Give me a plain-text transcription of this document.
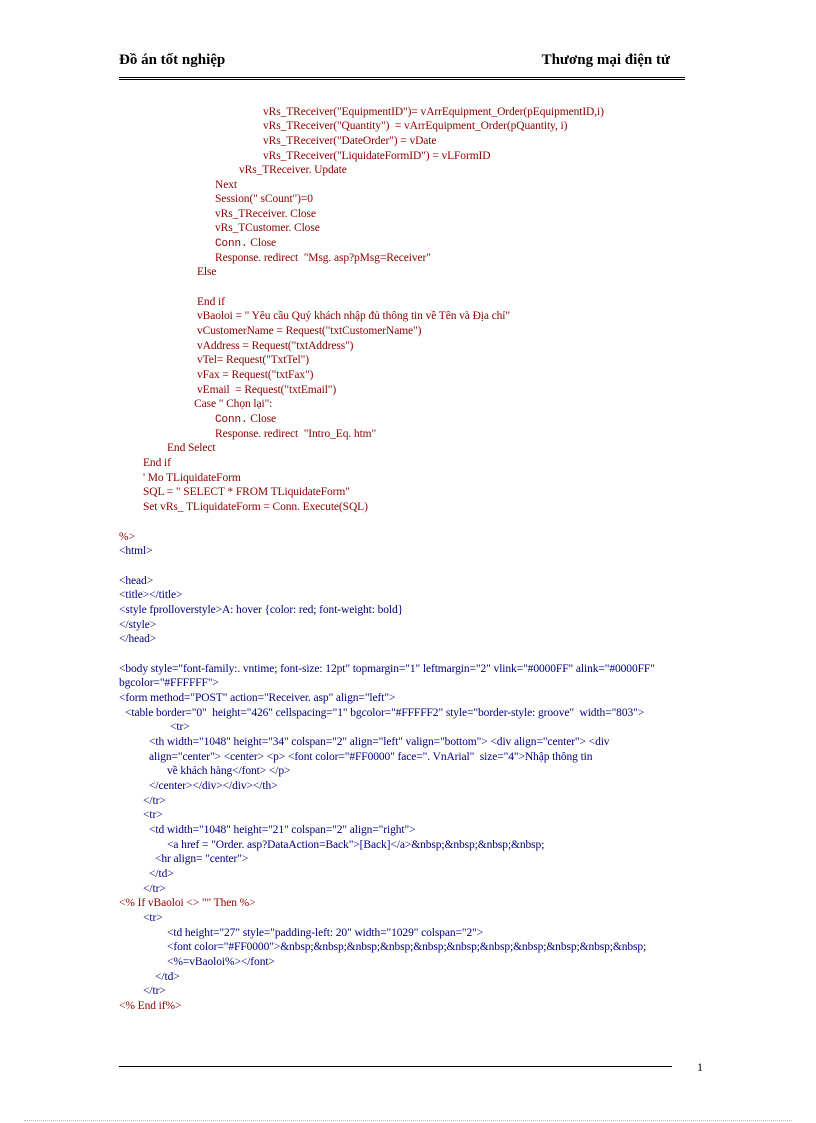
Đồ án tốt nghiệp	Thương mại điện tử
vRs_TReceiver("EquipmentID")= vArrEquipment_Order(pEquipmentID,i)
vRs_TReceiver("Quantity")  = vArrEquipment_Order(pQuantity, i)
vRs_TReceiver("DateOrder") = vDate
vRs_TReceiver("LiquidateFormID") = vLFormID
vRs_TReceiver. Update
Next
Session(" sCount")=0
vRs_TReceiver. Close
vRs_TCustomer. Close
Conn. Close
Response. redirect  "Msg. asp?pMsg=Receiver"
Else
End if
vBaoloi = " Yêu cầu Quý khách nhập đủ thông tin về Tên và Địa chỉ"
vCustomerName = Request("txtCustomerName")
vAddress = Request("txtAddress")
vTel= Request("TxtTel")
vFax = Request("txtFax")
vEmail  = Request("txtEmail")
Case " Chọn lại":
Conn. Close
Response. redirect  "Intro_Eq. htm"
End Select
End if
' Mo TLiquidateForm
SQL = " SELECT * FROM TLiquidateForm"
Set vRs_ TLiquidateForm = Conn. Execute(SQL)
%>
<html>
<head>
<title></title>
<style fprolloverstyle>A: hover {color: red; font-weight: bold}
</style>
</head>
<body style="font-family:. vntime; font-size: 12pt" topmargin="1" leftmargin="2" vlink="#0000FF" alink="#0000FF"
bgcolor="#FFFFFF">
<form method="POST" action="Receiver. asp" align="left">
<table border="0"  height="426" cellspacing="1" bgcolor="#FFFFF2" style="border-style: groove"  width="803">
<tr>
<th width="1048" height="34" colspan="2" align="left" valign="bottom"> <div align="center"> <div
align="center"> <center> <p> <font color="#FF0000" face=". VnArial"  size="4">Nhập thông tin
về khách hàng</font> </p>
</center></div></div></th>
</tr>
<tr>
<td width="1048" height="21" colspan="2" align="right">
<a href = "Order. asp?DataAction=Back">[Back]</a>&nbsp;&nbsp;&nbsp;&nbsp;
<hr align= "center">
</td>
</tr>
<% If vBaoloi <> "" Then %>
<tr>
<td height="27" style="padding-left: 20" width="1029" colspan="2">
<font color="#FF0000">&nbsp;&nbsp;&nbsp;&nbsp;&nbsp;&nbsp;&nbsp;&nbsp;&nbsp;&nbsp;&nbsp;
<%=vBaoloi%></font>
</td>
</tr>
<% End if%>
1
